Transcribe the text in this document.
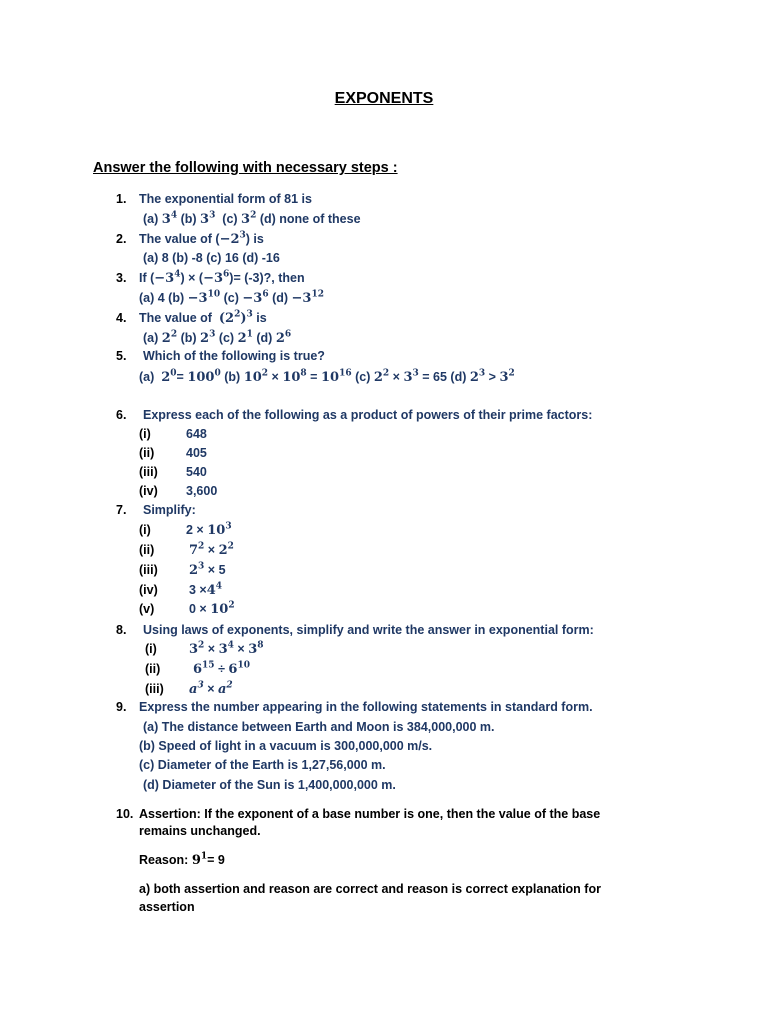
EXPONENTS
Answer the following with necessary steps :
1. The exponential form of 81 is
(a) $3^4$ (b) $3^3$ (c) $3^2$ (d) none of these
2. The value of $(-2^3)$ is
(a) 8 (b) -8 (c) 16 (d) -16
3. If $(-3^4) \times (-3^6)= (-3)$?, then
(a) 4 $(b) -3^{10}$ $(c) -3^6$ $(d) -3^{12}$
4. The value of $(2^2)^3$ is
(a) $2^2$ (b) $2^3$ (c) $2^1$ (d) $2^6$
5. Which of the following is true?
(a) $2^0= 100^0$ (b) $10^2 \times 10^8 = 10^{16}$ (c) $2^2 \times 3^3 = 65$ (d) $2^3 > 3^2$
6. Express each of the following as a product of powers of their prime factors:
(i)	648
(ii)	405
(iii) 540
(iv) 3,600
7. Simplify:
(i)	$2 \times 10^3$
(ii)	$7^2 \times 2^2$
(iii) $2^3 \times 5$
(iv)	$3 \times 4^4$
(v)	$0 \times 10^2$
8. Using laws of exponents, simplify and write the answer in exponential form:
(i) $3^2 \times 3^4 \times 3^8$
(ii)	$6^{15} \div 6^{10}$
(iii) $a^3 \times a^2$
9. Express the number appearing in the following statements in standard form.
(a) The distance between Earth and Moon is 384,000,000 m.
(b) Speed of light in a vacuum is 300,000,000 m/s.
(c) Diameter of the Earth is 1,27,56,000 m.
(d) Diameter of the Sun is 1,400,000,000 m.
10. Assertion: If the exponent of a base number is one, then the value of the base
remains unchanged.
Reason: $9^1= 9$
a) both assertion and reason are correct and reason is correct explanation for
assertion
